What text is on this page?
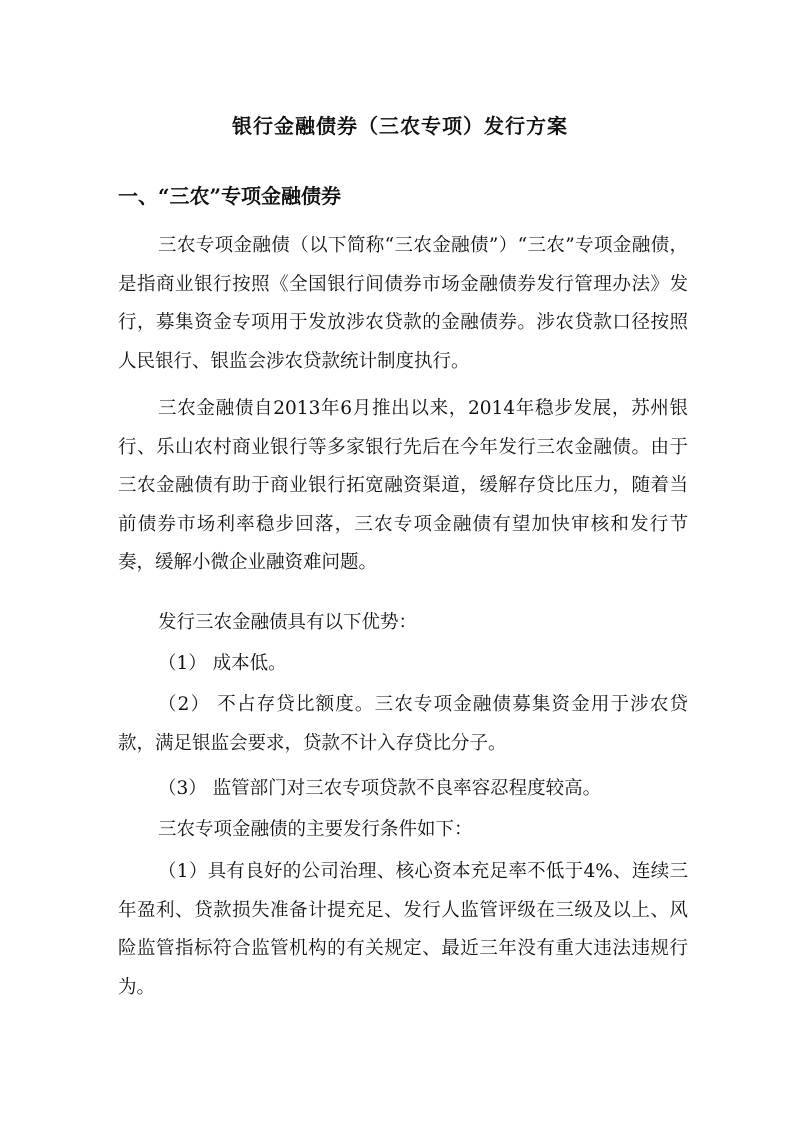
银行金融债券（三农专项）发行方案
一、“三农”专项金融债券

三农专项金融债（以下简称“三农金融债”）“三农”专项金融债， 是指商业银行按照《全国银行间债券市场金融债券发行管理办法》发 行，募集资金专项用于发放涉农贷款的金融债券。涉农贷款口径按照 人民银行、银监会涉农贷款统计制度执行。

三农金融债自2013年6月推出以来，2014年稳步发展，苏州银 行、乐山农村商业银行等多家银行先后在今年发行三农金融债。由于 三农金融债有助于商业银行拓宽融资渠道，缓解存贷比压力，随着当前债券市场利率稳步回落，三农专项金融债有望加快审核和发行节奏，缓解小微企业融资难问题。

发行三农金融债具有以下优势：

（1） 成本低。

（2） 不占存贷比额度。三农专项金融债募集资金用于涉农贷款，满足银监会要求，贷款不计入存贷比分子。

（3） 监管部门对三农专项贷款不良率容忍程度较高。

三农专项金融债的主要发行条件如下：

（1）具有良好的公司治理、核心资本充足率不低于4%、连续三年盈利、贷款损失准备计提充足、发行人监管评级在三级及以上、风险监管指标符合监管机构的有关规定、最近三年没有重大违法违规行为。
